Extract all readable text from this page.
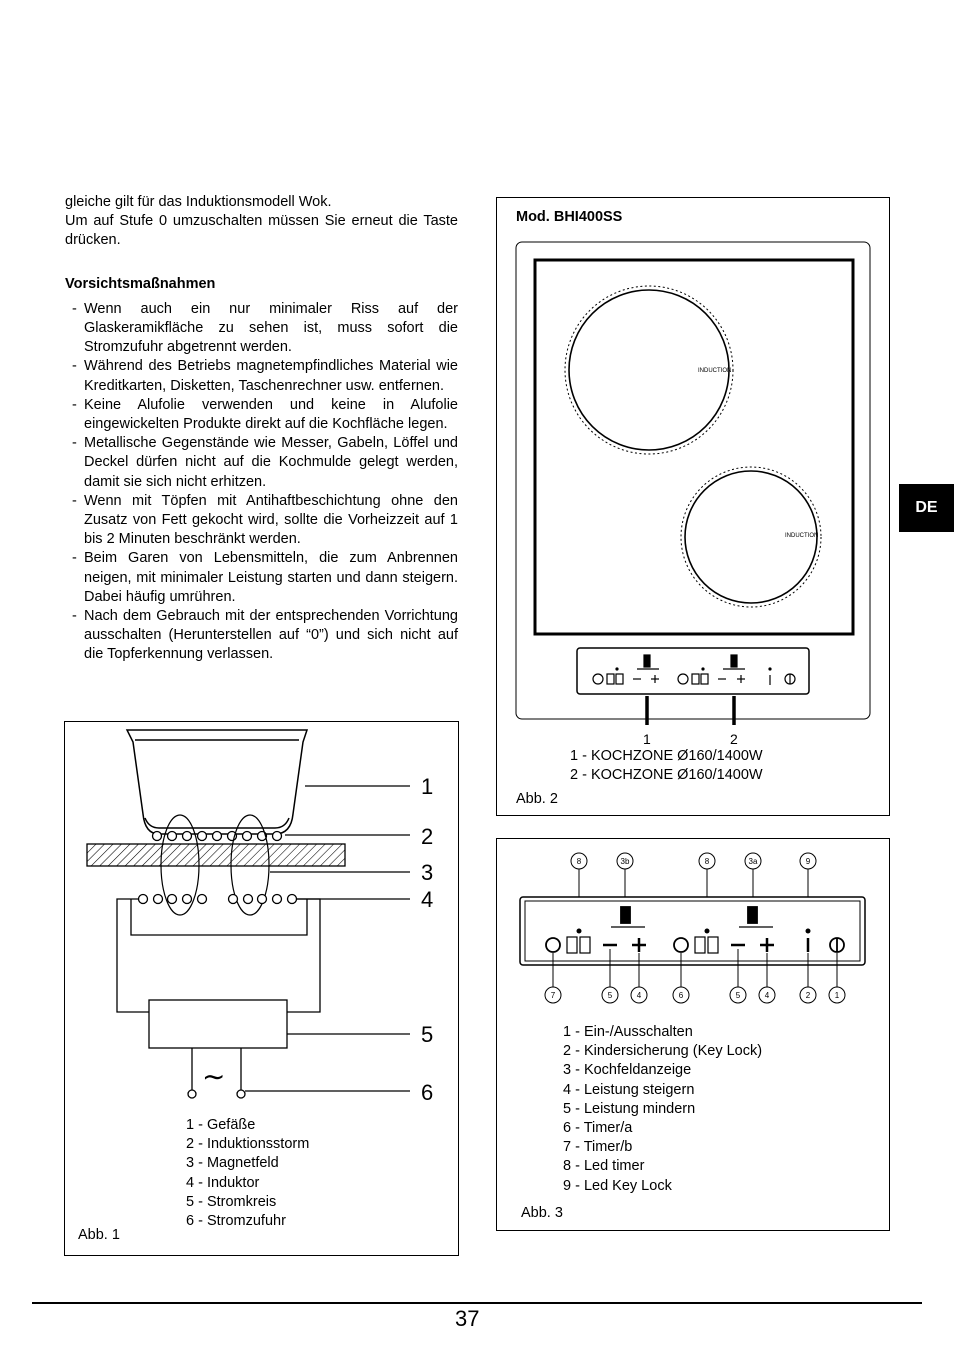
gleiche gilt für das Induktionsmodell Wok.

Um auf Stufe 0 umzuschalten müssen Sie erneut die Taste drücken.

Vorsichtsmaßnahmen

- Wenn auch ein nur minimaler Riss auf der Glaskeramikfläche zu sehen ist, muss sofort die Stromzufuhr abgetrennt werden.
- Während des Betriebs magnetempfindliches Material wie Kreditkarten, Disketten, Taschenrechner usw. entfernen.
- Keine Alufolie verwenden und keine in Alufolie eingewickelten Produkte direkt auf die Kochfläche legen.
- Metallische Gegenstände wie Messer, Gabeln, Löffel und Deckel dürfen nicht auf die Kochmulde gelegt werden, damit sie sich nicht erhitzen.
- Wenn mit Töpfen mit Antihaftbeschichtung ohne den Zusatz von Fett gekocht wird, sollte die Vorheizzeit auf 1 bis 2 Minuten beschränkt werden.
- Beim Garen von Lebensmitteln, die zum Anbrennen neigen, mit minimaler Leistung starten und dann steigern. Dabei häufig umrühren.
- Nach dem Gebrauch mit der entsprechenden Vorrichtung ausschalten (Herunterstellen auf “0”) und sich nicht auf die Topferkennung verlassen.
∼
1
2
3
4
5
6
1 - Gefäße
2 - Induktionsstorm
3 - Magnetfeld
4 - Induktor
5 - Stromkreis
6 - Stromzufuhr
Abb. 1
Mod. BHI400SS
INDUCTION
INDUCTION
1	2
1 - KOCHZONE Ø160/1400W
2 - KOCHZONE Ø160/1400W
Abb. 2
8	3b	8	3a	9
7	5	4	6	5	4	2	1
1 - Ein-/Ausschalten
2 - Kindersicherung (Key Lock)
3 - Kochfeldanzeige
4 - Leistung steigern
5 - Leistung mindern
6 - Timer/a
7 - Timer/b
8 - Led timer
9 - Led Key Lock
Abb. 3
DE
37
